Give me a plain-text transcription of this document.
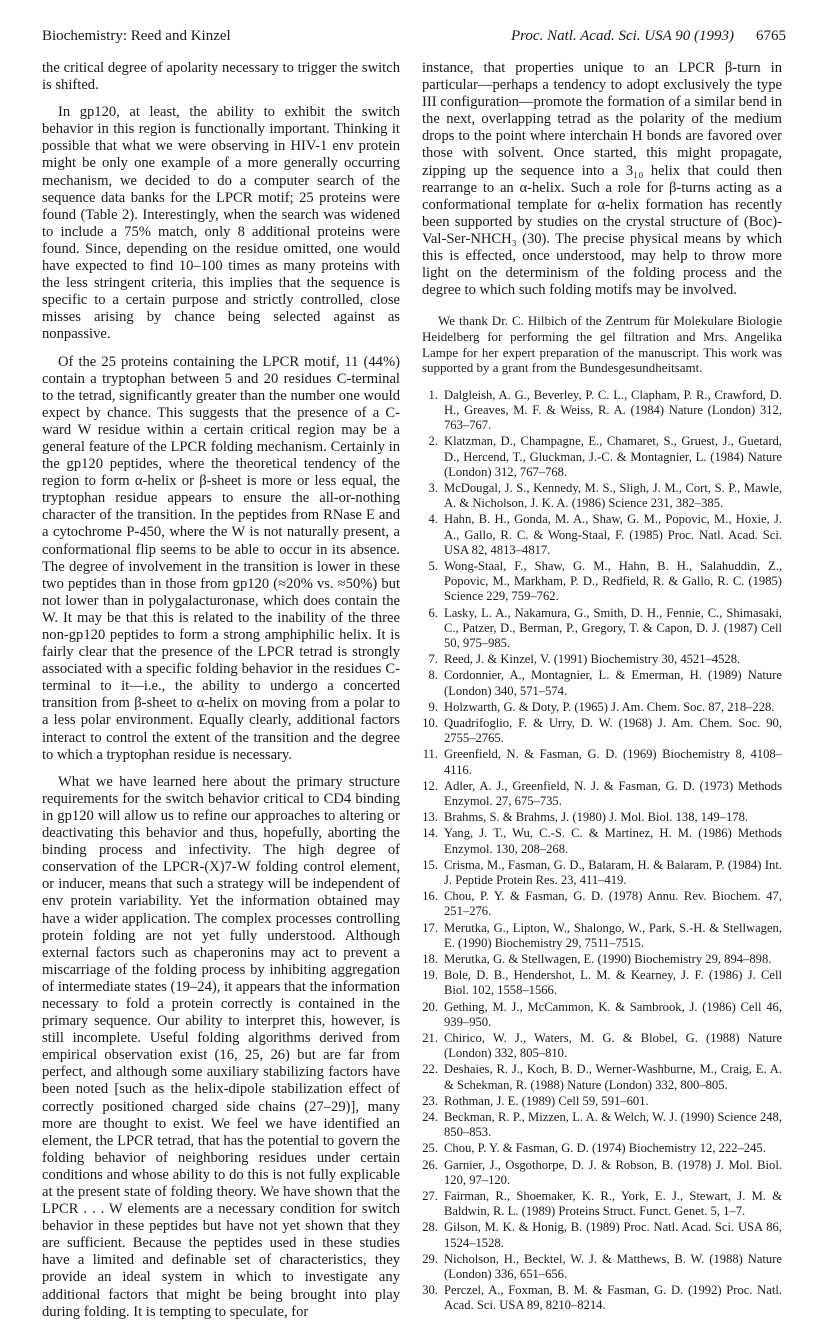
Biochemistry: Reed and Kinzel	Proc. Natl. Acad. Sci. USA 90 (1993) 6765

the critical degree of apolarity necessary to trigger the switch is shifted.

In gp120, at least, the ability to exhibit the switch behavior in this region is functionally important. Thinking it possible that what we were observing in HIV-1 env protein might be only one example of a more generally occurring mechanism, we decided to do a computer search of the sequence data banks for the LPCR motif; 25 proteins were found (Table 2). Interestingly, when the search was widened to include a 75% match, only 8 additional proteins were found. Since, depending on the residue omitted, one would have expected to find 10–100 times as many proteins with the less stringent criteria, this implies that the sequence is specific to a certain purpose and strictly controlled, close misses arising by chance being selected against as nonpassive.

Of the 25 proteins containing the LPCR motif, 11 (44%) contain a tryptophan between 5 and 20 residues C-terminal to the tetrad, significantly greater than the number one would expect by chance. This suggests that the presence of a C-ward W residue within a certain critical region may be a general feature of the LPCR folding mechanism. Certainly in the gp120 peptides, where the theoretical tendency of the region to form α-helix or β-sheet is more or less equal, the tryptophan residue appears to ensure the all-or-nothing character of the transition. In the peptides from RNase E and a cytochrome P-450, where the W is not naturally present, a conformational flip seems to be able to occur in its absence. The degree of involvement in the transition is lower in these two peptides than in those from gp120 (≈20% vs. ≈50%) but not lower than in polygalacturonase, which does contain the W. It may be that this is related to the inability of the three non-gp120 peptides to form a strong amphiphilic helix. It is fairly clear that the presence of the LPCR tetrad is strongly associated with a specific folding behavior in the residues C-terminal to it—i.e., the ability to undergo a concerted transition from β-sheet to α-helix on moving from a polar to a less polar environment. Equally clearly, additional factors interact to control the extent of the transition and the degree to which a tryptophan residue is necessary.

What we have learned here about the primary structure requirements for the switch behavior critical to CD4 binding in gp120 will allow us to refine our approaches to altering or deactivating this behavior and thus, hopefully, aborting the binding process and infectivity. The high degree of conservation of the LPCR-(X)7-W folding control element, or inducer, means that such a strategy will be independent of env protein variability. Yet the information obtained may have a wider application. The complex processes controlling protein folding are not yet fully understood. Although external factors such as chaperonins may act to prevent a miscarriage of the folding process by inhibiting aggregation of intermediate states (19–24), it appears that the information necessary to fold a protein correctly is contained in the primary sequence. Our ability to interpret this, however, is still incomplete. Useful folding algorithms derived from empirical observation exist (16, 25, 26) but are far from perfect, and although some auxiliary stabilizing factors have been noted [such as the helix-dipole stabilization effect of correctly positioned charged side chains (27–29)], many more are thought to exist. We feel we have identified an element, the LPCR tetrad, that has the potential to govern the folding behavior of neighboring residues under certain conditions and whose ability to do this is not fully explicable at the present state of folding theory. We have shown that the LPCR . . . W elements are a necessary condition for switch behavior in these peptides but have not yet shown that they are sufficient. Because the peptides used in these studies have a limited and definable set of characteristics, they provide an ideal system in which to investigate any additional factors that might be being brought into play during folding. It is tempting to speculate, for

instance, that properties unique to an LPCR β-turn in particular—perhaps a tendency to adopt exclusively the type III configuration—promote the formation of a similar bend in the next, overlapping tetrad as the polarity of the medium drops to the point where interchain H bonds are favored over those with solvent. Once started, this might propagate, zipping up the sequence into a 3₁₀ helix that could then rearrange to an α-helix. Such a role for β-turns acting as a conformational template for α-helix formation has recently been supported by studies on the crystal structure of (Boc)-Val-Ser-NHCH₃ (30). The precise physical means by which this is effected, once understood, may help to throw more light on the determinism of the folding process and the degree to which such folding motifs may be involved.

We thank Dr. C. Hilbich of the Zentrum für Molekulare Biologie Heidelberg for performing the gel filtration and Mrs. Angelika Lampe for her expert preparation of the manuscript. This work was supported by a grant from the Bundesgesundheitsamt.

1. Dalgleish, A. G., Beverley, P. C. L., Clapham, P. R., Crawford, D. H., Greaves, M. F. & Weiss, R. A. (1984) Nature (London) 312, 763–767.
2. Klatzman, D., Champagne, E., Chamaret, S., Gruest, J., Guetard, D., Hercend, T., Gluckman, J.-C. & Montagnier, L. (1984) Nature (London) 312, 767–768.
3. McDougal, J. S., Kennedy, M. S., Sligh, J. M., Cort, S. P., Mawle, A. & Nicholson, J. K. A. (1986) Science 231, 382–385.
4. Hahn, B. H., Gonda, M. A., Shaw, G. M., Popovic, M., Hoxie, J. A., Gallo, R. C. & Wong-Staal, F. (1985) Proc. Natl. Acad. Sci. USA 82, 4813–4817.
5. Wong-Staal, F., Shaw, G. M., Hahn, B. H., Salahuddin, Z., Popovic, M., Markham, P. D., Redfield, R. & Gallo, R. C. (1985) Science 229, 759–762.
6. Lasky, L. A., Nakamura, G., Smith, D. H., Fennie, C., Shimasaki, C., Patzer, D., Berman, P., Gregory, T. & Capon, D. J. (1987) Cell 50, 975–985.
7. Reed, J. & Kinzel, V. (1991) Biochemistry 30, 4521–4528.
8. Cordonnier, A., Montagnier, L. & Emerman, H. (1989) Nature (London) 340, 571–574.
9. Holzwarth, G. & Doty, P. (1965) J. Am. Chem. Soc. 87, 218–228.
10. Quadrifoglio, F. & Urry, D. W. (1968) J. Am. Chem. Soc. 90, 2755–2765.
11. Greenfield, N. & Fasman, G. D. (1969) Biochemistry 8, 4108–4116.
12. Adler, A. J., Greenfield, N. J. & Fasman, G. D. (1973) Methods Enzymol. 27, 675–735.
13. Brahms, S. & Brahms, J. (1980) J. Mol. Biol. 138, 149–178.
14. Yang, J. T., Wu, C.-S. C. & Martinez, H. M. (1986) Methods Enzymol. 130, 208–268.
15. Crisma, M., Fasman, G. D., Balaram, H. & Balaram, P. (1984) Int. J. Peptide Protein Res. 23, 411–419.
16. Chou, P. Y. & Fasman, G. D. (1978) Annu. Rev. Biochem. 47, 251–276.
17. Merutka, G., Lipton, W., Shalongo, W., Park, S.-H. & Stellwagen, E. (1990) Biochemistry 29, 7511–7515.
18. Merutka, G. & Stellwagen, E. (1990) Biochemistry 29, 894–898.
19. Bole, D. B., Hendershot, L. M. & Kearney, J. F. (1986) J. Cell Biol. 102, 1558–1566.
20. Gething, M. J., McCammon, K. & Sambrook, J. (1986) Cell 46, 939–950.
21. Chirico, W. J., Waters, M. G. & Blobel, G. (1988) Nature (London) 332, 805–810.
22. Deshaies, R. J., Koch, B. D., Werner-Washburne, M., Craig, E. A. & Schekman, R. (1988) Nature (London) 332, 800–805.
23. Rothman, J. E. (1989) Cell 59, 591–601.
24. Beckman, R. P., Mizzen, L. A. & Welch, W. J. (1990) Science 248, 850–853.
25. Chou, P. Y. & Fasman, G. D. (1974) Biochemistry 12, 222–245.
26. Garnier, J., Osgothorpe, D. J. & Robson, B. (1978) J. Mol. Biol. 120, 97–120.
27. Fairman, R., Shoemaker, K. R., York, E. J., Stewart, J. M. & Baldwin, R. L. (1989) Proteins Struct. Funct. Genet. 5, 1–7.
28. Gilson, M. K. & Honig, B. (1989) Proc. Natl. Acad. Sci. USA 86, 1524–1528.
29. Nicholson, H., Becktel, W. J. & Matthews, B. W. (1988) Nature (London) 336, 651–656.
30. Perczel, A., Foxman, B. M. & Fasman, G. D. (1992) Proc. Natl. Acad. Sci. USA 89, 8210–8214.
